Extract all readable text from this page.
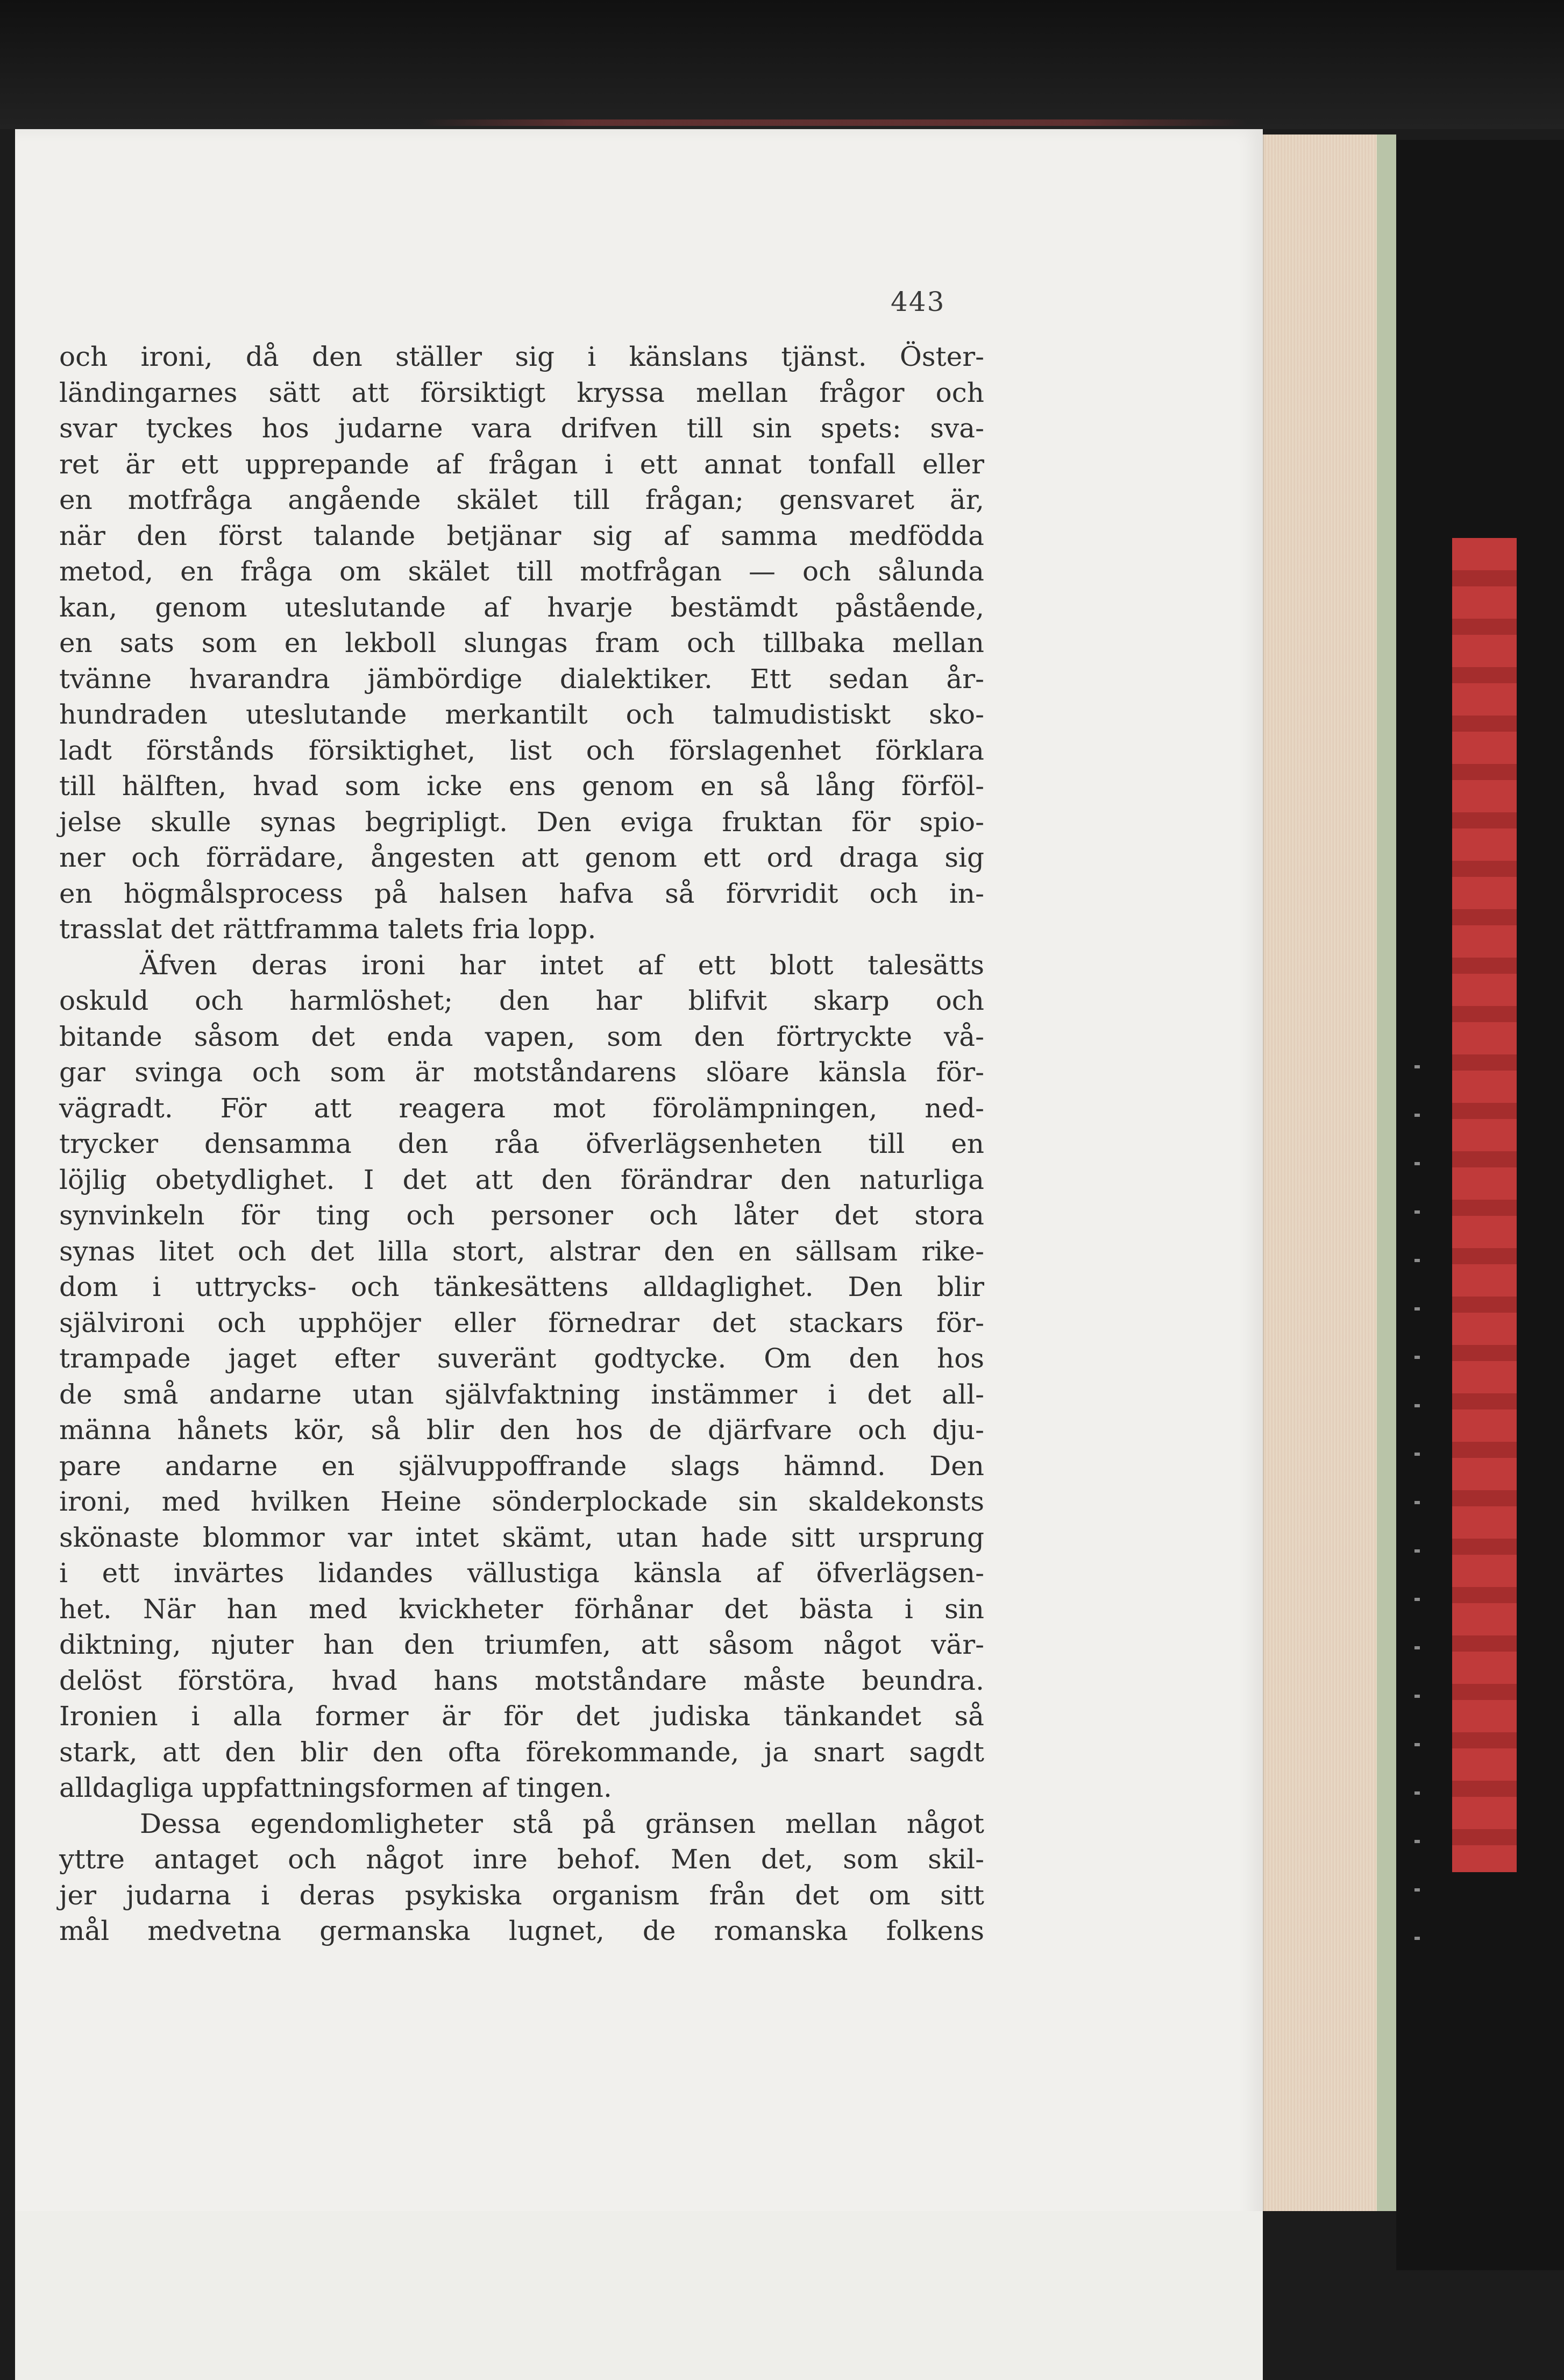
443
och ironi, då den ställer sig i känslans tjänst. Öster-
ländingarnes sätt att försiktigt kryssa mellan frågor och
svar tyckes hos judarne vara drifven till sin spets: sva-
ret är ett upprepande af frågan i ett annat tonfall eller
en motfråga angående skälet till frågan; gensvaret är,
när den först talande betjänar sig af samma medfödda
metod, en fråga om skälet till motfrågan — och sålunda
kan, genom uteslutande af hvarje bestämdt påstående,
en sats som en lekboll slungas fram och tillbaka mellan
tvänne hvarandra jämbördige dialektiker. Ett sedan år-
hundraden uteslutande merkantilt och talmudistiskt sko-
ladt förstånds försiktighet, list och förslagenhet förklara
till hälften, hvad som icke ens genom en så lång förföl-
jelse skulle synas begripligt. Den eviga fruktan för spio-
ner och förrädare, ångesten att genom ett ord draga sig
en högmålsprocess på halsen hafva så förvridit och in-
trasslat det rättframma talets fria lopp.
Äfven deras ironi har intet af ett blott talesätts
oskuld och harmlöshet; den har blifvit skarp och
bitande såsom det enda vapen, som den förtryckte vå-
gar svinga och som är motståndarens slöare känsla för-
vägradt. För att reagera mot förolämpningen, ned-
trycker densamma den råa öfverlägsenheten till en
löjlig obetydlighet. I det att den förändrar den naturliga
synvinkeln för ting och personer och låter det stora
synas litet och det lilla stort, alstrar den en sällsam rike-
dom i uttrycks- och tänkesättens alldaglighet. Den blir
självironi och upphöjer eller förnedrar det stackars för-
trampade jaget efter suveränt godtycke. Om den hos
de små andarne utan självfaktning instämmer i det all-
männa hånets kör, så blir den hos de djärfvare och dju-
pare andarne en självuppoffrande slags hämnd. Den
ironi, med hvilken Heine sönderplockade sin skaldekonsts
skönaste blommor var intet skämt, utan hade sitt ursprung
i ett invärtes lidandes vällustiga känsla af öfverlägsen-
het. När han med kvickheter förhånar det bästa i sin
diktning, njuter han den triumfen, att såsom något vär-
delöst förstöra, hvad hans motståndare måste beundra.
Ironien i alla former är för det judiska tänkandet så
stark, att den blir den ofta förekommande, ja snart sagdt
alldagliga uppfattningsformen af tingen.
Dessa egendomligheter stå på gränsen mellan något
yttre antaget och något inre behof. Men det, som skil-
jer judarna i deras psykiska organism från det om sitt
mål medvetna germanska lugnet, de romanska folkens
